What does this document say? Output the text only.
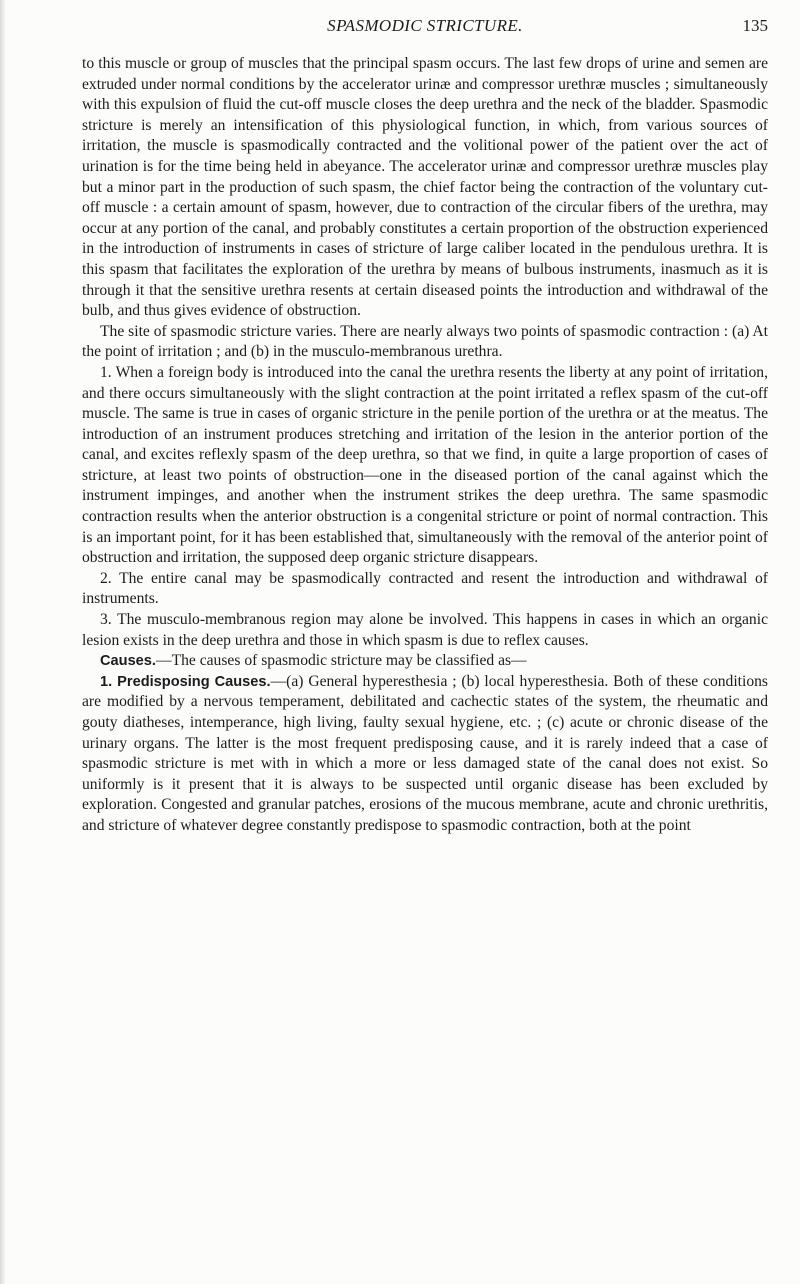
SPASMODIC STRICTURE.	135

to this muscle or group of muscles that the principal spasm occurs. The last few drops of urine and semen are extruded under normal conditions by the accelerator urinæ and compressor urethræ muscles ; simultaneously with this expulsion of fluid the cut-off muscle closes the deep urethra and the neck of the bladder. Spasmodic stricture is merely an intensification of this physiological function, in which, from various sources of irritation, the muscle is spasmodically contracted and the volitional power of the patient over the act of urination is for the time being held in abeyance. The accelerator urinæ and compressor urethræ muscles play but a minor part in the production of such spasm, the chief factor being the contraction of the voluntary cut-off muscle : a certain amount of spasm, however, due to contraction of the circular fibers of the urethra, may occur at any portion of the canal, and probably constitutes a certain proportion of the obstruction experienced in the introduction of instruments in cases of stricture of large caliber located in the pendulous urethra. It is this spasm that facilitates the exploration of the urethra by means of bulbous instruments, inasmuch as it is through it that the sensitive urethra resents at certain diseased points the introduction and withdrawal of the bulb, and thus gives evidence of obstruction.

The site of spasmodic stricture varies. There are nearly always two points of spasmodic contraction : (a) At the point of irritation ; and (b) in the musculo-membranous urethra.

1. When a foreign body is introduced into the canal the urethra resents the liberty at any point of irritation, and there occurs simultaneously with the slight contraction at the point irritated a reflex spasm of the cut-off muscle. The same is true in cases of organic stricture in the penile portion of the urethra or at the meatus. The introduction of an instrument produces stretching and irritation of the lesion in the anterior portion of the canal, and excites reflexly spasm of the deep urethra, so that we find, in quite a large proportion of cases of stricture, at least two points of obstruction—one in the diseased portion of the canal against which the instrument impinges, and another when the instrument strikes the deep urethra. The same spasmodic contraction results when the anterior obstruction is a congenital stricture or point of normal contraction. This is an important point, for it has been established that, simultaneously with the removal of the anterior point of obstruction and irritation, the supposed deep organic stricture disappears.

2. The entire canal may be spasmodically contracted and resent the introduction and withdrawal of instruments.

3. The musculo-membranous region may alone be involved. This happens in cases in which an organic lesion exists in the deep urethra and those in which spasm is due to reflex causes.

Causes.—The causes of spasmodic stricture may be classified as—

1. Predisposing Causes.—(a) General hyperesthesia ; (b) local hyperesthesia. Both of these conditions are modified by a nervous temperament, debilitated and cachectic states of the system, the rheumatic and gouty diatheses, intemperance, high living, faulty sexual hygiene, etc. ; (c) acute or chronic disease of the urinary organs. The latter is the most frequent predisposing cause, and it is rarely indeed that a case of spasmodic stricture is met with in which a more or less damaged state of the canal does not exist. So uniformly is it present that it is always to be suspected until organic disease has been excluded by exploration. Congested and granular patches, erosions of the mucous membrane, acute and chronic urethritis, and stricture of whatever degree constantly predispose to spasmodic contraction, both at the point
